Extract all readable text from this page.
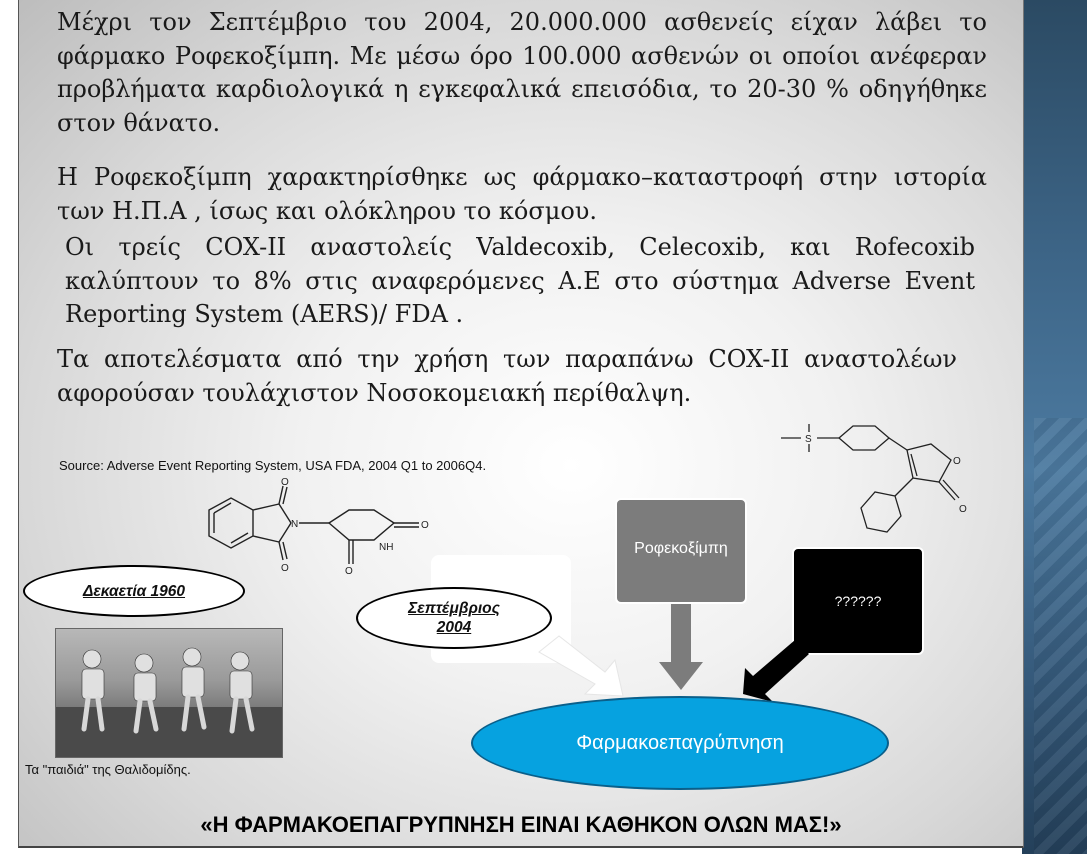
Μέχρι τον Σεπτέμβριο του 2004, 20.000.000 ασθενείς είχαν λάβει το φάρμακο Ροφεκοξίμπη. Με μέσω όρο 100.000 ασθενών οι οποίοι ανέφεραν προβλήματα καρδιολογικά η εγκεφαλικά επεισόδια, το 20-30 % οδηγήθηκε στον θάνατο.

Η Ροφεκοξίμπη χαρακτηρίσθηκε ως φάρμακο–καταστροφή στην ιστορία των Η.Π.Α , ίσως και ολόκληρου το κόσμου.

Οι τρείς COX-II αναστολείς Valdecoxib, Celecoxib, και Rofecoxib καλύπτουν το 8% στις αναφερόμενες Α.Ε στο σύστημα Adverse Event Reporting System (AERS)/ FDA .

Τα αποτελέσματα από την χρήση των παραπάνω COX-II αναστολέων αφορούσαν τουλάχιστον Νοσοκομειακή περίθαλψη.

Source: Adverse Event Reporting System, USA FDA, 2004 Q1 to 2006Q4.
O
O
N	O
O
NH
S
O
O
Ροφεκοξίμπη
??????
Δεκαετία 1960
Σεπτέμβριος 2004
Φαρμακοεπαγρύπνηση
Τα "παιδιά" της Θαλιδομίδης.
«Η ΦΑΡΜΑΚΟΕΠΑΓΡΥΠΝΗΣΗ ΕΙΝΑΙ ΚΑΘΗΚΟΝ ΟΛΩΝ ΜΑΣ!»
